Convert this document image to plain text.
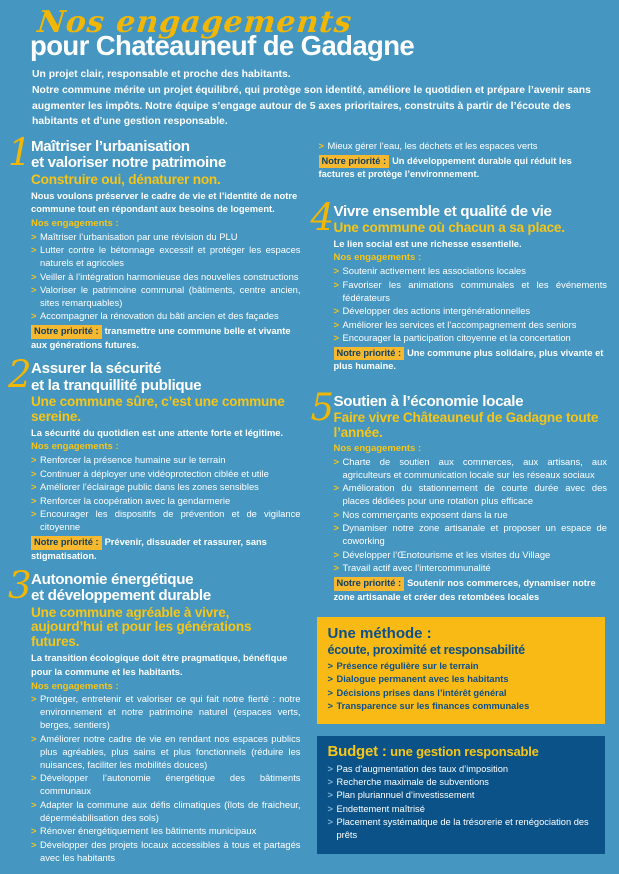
Nos engagements
pour Chateauneuf de Gadagne

Un projet clair, responsable et proche des habitants.

Notre commune mérite un projet équilibré, qui protège son identité, améliore le quotidien et prépare l’avenir sans augmenter les impôts. Notre équipe s’engage autour de 5 axes prioritaires, construits à partir de l’écoute des habitants et d’une gestion responsable.

1 Maîtriser l’urbanisation
et valoriser notre patrimoine
Construire oui, dénaturer non.
Nous voulons préserver le cadre de vie et l’identité de notre commune tout en répondant aux besoins de logement.
Nos engagements :
> Maîtriser l’urbanisation par une révision du PLU
> Lutter contre le bétonnage excessif et protéger les espaces naturels et agricoles
> Veiller à l’intégration harmonieuse des nouvelles constructions
> Valoriser le patrimoine communal (bâtiments, centre ancien, sites remarquables)
> Accompagner la rénovation du bâti ancien et des façades
Notre priorité : transmettre une commune belle et vivante aux générations futures.
2 Assurer la sécurité
et la tranquillité publique
Une commune sûre, c’est une commune sereine.
La sécurité du quotidien est une attente forte et légitime.
Nos engagements :
> Renforcer la présence humaine sur le terrain
> Continuer à déployer une vidéoprotection ciblée et utile
> Améliorer l’éclairage public dans les zones sensibles
> Renforcer la coopération avec la gendarmerie
> Encourager les dispositifs de prévention et de vigilance citoyenne
Notre priorité : Prévenir, dissuader et rassurer, sans stigmatisation.
3 Autonomie énergétique
et développement durable
Une commune agréable à vivre, aujourd’hui et pour les générations futures.
La transition écologique doit être pragmatique, bénéfique pour la commune et les habitants.
Nos engagements :
> Protéger, entretenir et valoriser ce qui fait notre fierté : notre environnement et notre patrimoine naturel (espaces verts, berges, sentiers)
> Améliorer notre cadre de vie en rendant nos espaces publics plus agréables, plus sains et plus fonctionnels (réduire les nuisances, faciliter les mobilités douces)
> Développer l’autonomie énergétique des bâtiments communaux
> Adapter la commune aux défis climatiques (îlots de fraicheur, déperméabilisation des sols)
> Rénover énergétiquement les bâtiments municipaux
> Développer des projets locaux accessibles à tous et partagés avec les habitants
> Mieux gérer l’eau, les déchets et les espaces verts
Notre priorité : Un développement durable qui réduit les factures et protège l’environnement.
4 Vivre ensemble et qualité de vie
Une commune où chacun a sa place.
Le lien social est une richesse essentielle.
Nos engagements :
> Soutenir activement les associations locales
> Favoriser les animations communales et les événements fédérateurs
> Développer des actions intergénérationnelles
> Améliorer les services et l’accompagnement des seniors
> Encourager la participation citoyenne et la concertation
Notre priorité : Une commune plus solidaire, plus vivante et plus humaine.
5 Soutien à l’économie locale
Faire vivre Châteauneuf de Gadagne toute l’année.
Nos engagements :
> Charte de soutien aux commerces, aux artisans, aux agriculteurs et communication locale sur les réseaux sociaux
> Amélioration du stationnement de courte durée avec des places dédiées pour une rotation plus efficace
> Nos commerçants exposent dans la rue
> Dynamiser notre zone artisanale et proposer un espace de coworking
> Développer l’Œnotourisme et les visites du Village
> Travail actif avec l’intercommunalité
Notre priorité : Soutenir nos commerces, dynamiser notre zone artisanale et créer des retombées locales
Une méthode :
écoute, proximité et responsabilité
> Présence régulière sur le terrain
> Dialogue permanent avec les habitants
> Décisions prises dans l’intérêt général
> Transparence sur les finances communales
Budget : une gestion responsable
> Pas d’augmentation des taux d’imposition
> Recherche maximale de subventions
> Plan pluriannuel d’investissement
> Endettement maîtrisé
> Placement systématique de la trésorerie et renégociation des prêts
